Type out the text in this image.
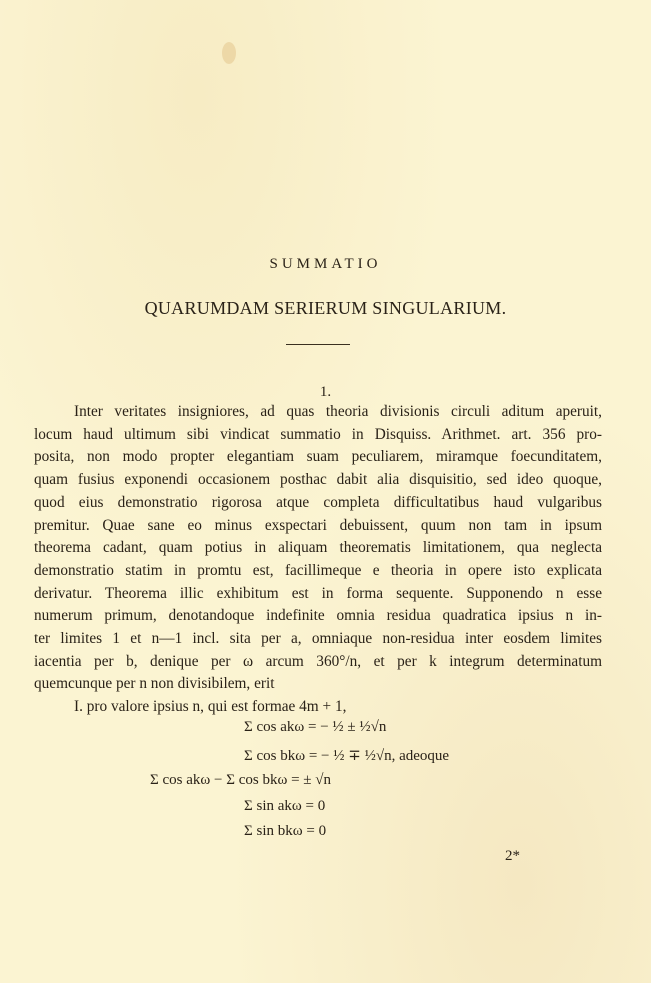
SUMMATIO
QUARUMDAM SERIERUM SINGULARIUM.
1.
Inter veritates insigniores, ad quas theoria divisionis circuli aditum aperuit,
locum haud ultimum sibi vindicat summatio in Disquiss. Arithmet. art. 356 pro-
posita, non modo propter elegantiam suam peculiarem, miramque foecunditatem,
quam fusius exponendi occasionem posthac dabit alia disquisitio, sed ideo quoque,
quod eius demonstratio rigorosa atque completa difficultatibus haud vulgaribus
premitur. Quae sane eo minus exspectari debuissent, quum non tam in ipsum
theorema cadant, quam potius in aliquam theorematis limitationem, qua neglecta
demonstratio statim in promtu est, facillimeque e theoria in opere isto explicata
derivatur. Theorema illic exhibitum est in forma sequente. Supponendo n esse
numerum primum, denotandoque indefinite omnia residua quadratica ipsius n in-
ter limites 1 et n—1 incl. sita per a, omniaque non-residua inter eosdem limites
iacentia per b, denique per ω arcum 360°/n, et per k integrum determinatum
quemcunque per n non divisibilem, erit
I. pro valore ipsius n, qui est formae 4m + 1,
Σ cos akω = − ½ ± ½√n
Σ cos bkω = − ½ ∓ ½√n, adeoque
Σ cos akω − Σ cos bkω = ± √n
Σ sin akω = 0
Σ sin bkω = 0
2*
